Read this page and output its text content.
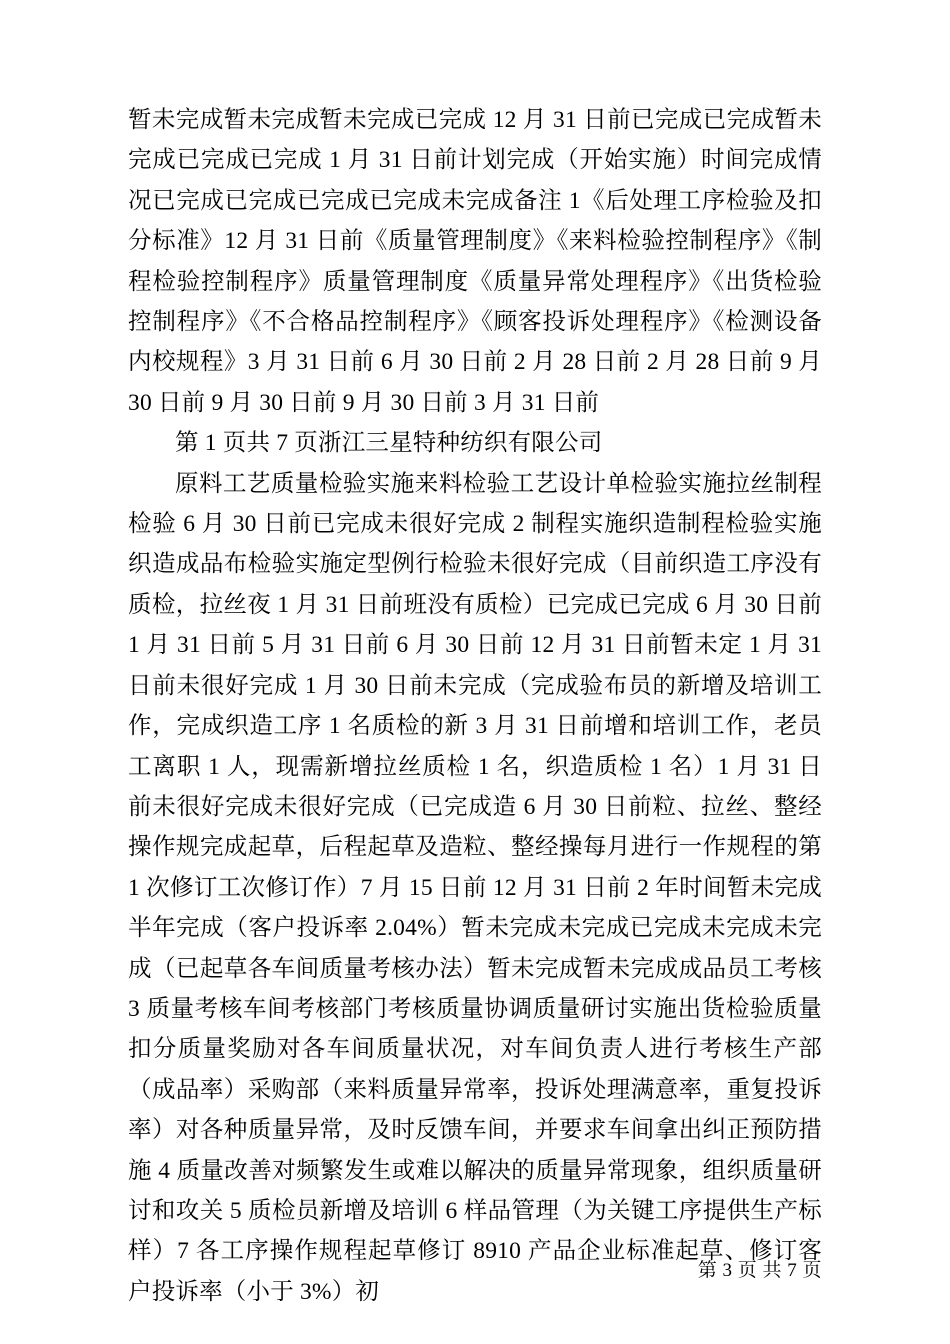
暂未完成暂未完成暂未完成已完成 12 月 31 日前已完成已完成暂未完成已完成已完成 1 月 31 日前计划完成（开始实施）时间完成情况已完成已完成已完成已完成未完成备注 1《后处理工序检验及扣分标准》12 月 31 日前《质量管理制度》《来料检验控制程序》《制程检验控制程序》质量管理制度《质量异常处理程序》《出货检验控制程序》《不合格品控制程序》《顾客投诉处理程序》《检测设备内校规程》3 月 31 日前 6 月 30 日前 2 月 28 日前 2 月 28 日前 9 月 30 日前 9 月 30 日前 9 月 30 日前 3 月 31 日前

第 1 页共 7 页浙江三星特种纺织有限公司

原料工艺质量检验实施来料检验工艺设计单检验实施拉丝制程检验 6 月 30 日前已完成未很好完成 2 制程实施织造制程检验实施织造成品布检验实施定型例行检验未很好完成（目前织造工序没有质检，拉丝夜 1 月 31 日前班没有质检）已完成已完成 6 月 30 日前 1 月 31 日前 5 月 31 日前 6 月 30 日前 12 月 31 日前暂未定 1 月 31 日前未很好完成 1 月 30 日前未完成（完成验布员的新增及培训工作，完成织造工序 1 名质检的新 3 月 31 日前增和培训工作，老员工离职 1 人，现需新增拉丝质检 1 名，织造质检 1 名）1 月 31 日前未很好完成未很好完成（已完成造 6 月 30 日前粒、拉丝、整经操作规完成起草，后程起草及造粒、整经操每月进行一作规程的第 1 次修订工次修订作）7 月 15 日前 12 月 31 日前 2 年时间暂未完成半年完成（客户投诉率 2.04%）暂未完成未完成已完成未完成未完成（已起草各车间质量考核办法）暂未完成暂未完成成品员工考核 3 质量考核车间考核部门考核质量协调质量研讨实施出货检验质量扣分质量奖励对各车间质量状况，对车间负责人进行考核生产部（成品率）采购部（来料质量异常率，投诉处理满意率，重复投诉率）对各种质量异常，及时反馈车间，并要求车间拿出纠正预防措施 4 质量改善对频繁发生或难以解决的质量异常现象，组织质量研讨和攻关 5 质检员新增及培训 6 样品管理（为关键工序提供生产标样）7 各工序操作规程起草修订 8910 产品企业标准起草、修订客户投诉率（小于 3%）初

第 3 页 共 7 页
